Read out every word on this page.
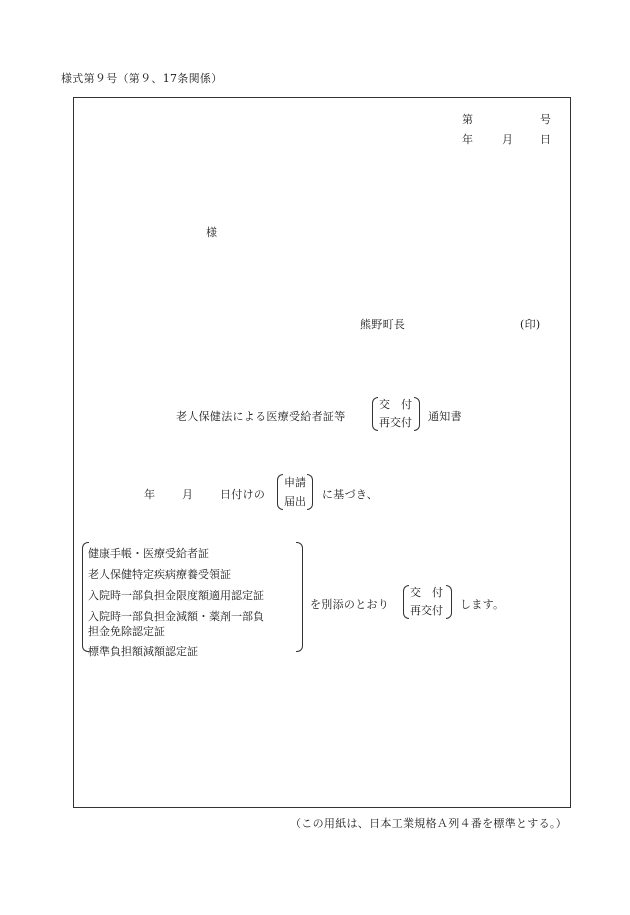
様式第９号（第９、17条関係）
第	号
年	月 日
様
熊野町長	(印)
老人保健法による医療受給者証等
交　付
再交付 通知書
年 月 日付けの
申請
届出
に基づき、
健康手帳・医療受給者証
老人保健特定疾病療養受領証
入院時一部負担金限度額適用認定証
入院時一部負担金減額・薬剤一部負
担金免除認定証
標準負担額減額認定証
を別添のとおり
交　付
再交付 します。
（この用紙は、日本工業規格Ａ列４番を標準とする。）
